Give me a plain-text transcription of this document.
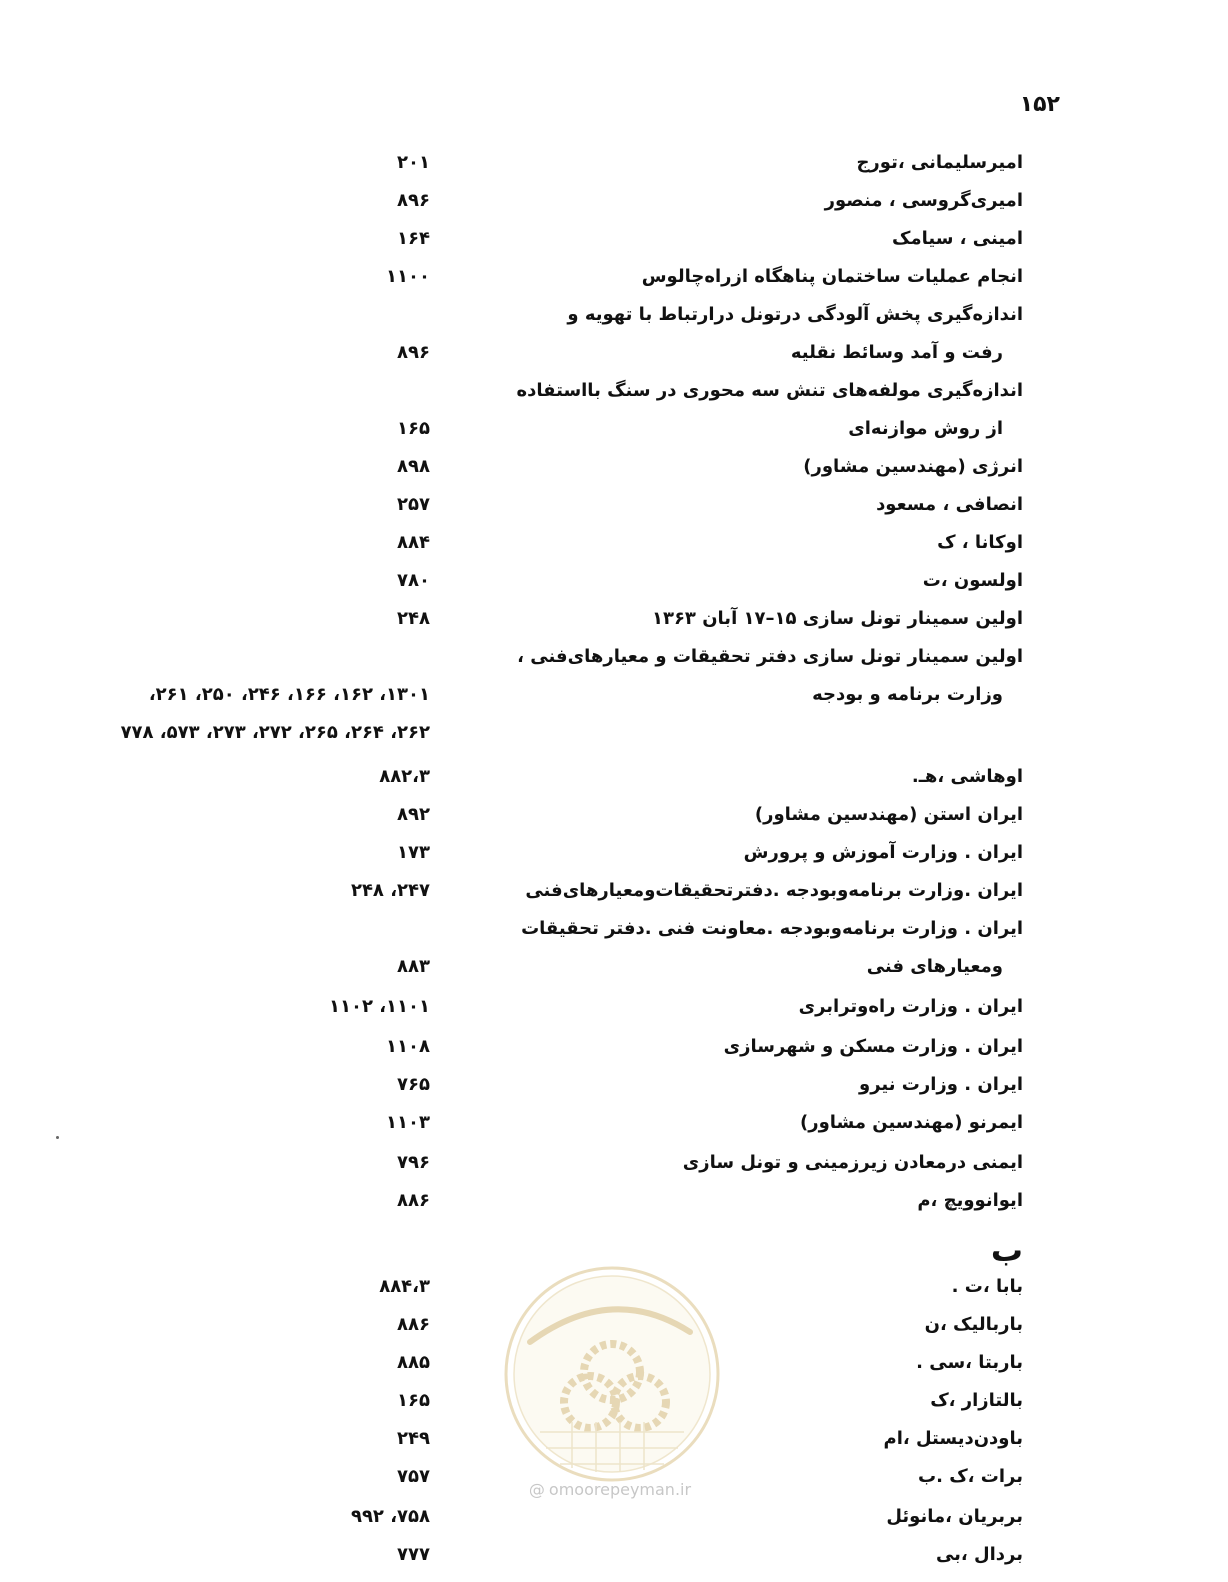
۱۵۲
امیرسلیمانی ،تورج
۲۰۱
امیری‌گروسی ، منصور
۸۹۶
امینی ، سیامک
۱۶۴
انجام عملیات ساختمان پناهگاه ازراه‌چالوس
۱۱۰۰
اندازه‌گیری پخش آلودگی درتونل درارتباط با تهویه و
رفت و آمد وسائط نقلیه
۸۹۶
اندازه‌گیری مولفه‌های تنش سه محوری در سنگ بااستفاده
از روش موازنه‌ای
۱۶۵
انرژی (مهندسین مشاور)
۸۹۸
انصافی ، مسعود
۲۵۷
اوکانا ، ک
۸۸۴
اولسون ،ت
۷۸۰
اولین سمینار تونل سازی ۱۵–۱۷ آبان ۱۳۶۳
۲۴۸
اولین سمینار تونل سازی دفتر تحقیقات و معیارهای‌فنی ،
وزارت برنامه و بودجه
۱۳۰۱، ۱۶۲، ۱۶۶، ۲۴۶، ۲۵۰، ۲۶۱،
۲۶۲، ۲۶۴، ۲۶۵، ۲۷۲، ۲۷۳، ۵۷۳، ۷۷۸
اوهاشی ،هـ.
۸۸۲،۳
ایران استن (مهندسین مشاور)
۸۹۲
ایران . وزارت آموزش و پرورش
۱۷۳
ایران .وزارت برنامه‌وبودجه .دفترتحقیقات‌ومعیارهای‌فنی
۲۴۷، ۲۴۸
ایران . وزارت برنامه‌وبودجه .معاونت فنی .دفتر تحقیقات
ومعیارهای فنی
۸۸۳
ایران . وزارت راه‌وترابری
۱۱۰۱، ۱۱۰۲
ایران . وزارت مسکن و شهرسازی
۱۱۰۸
ایران . وزارت نیرو
۷۶۵
ایمرنو (مهندسین مشاور)
۱۱۰۳
ایمنی درمعادن زیرزمینی و تونل سازی
۷۹۶
ایوانوویچ ،م
۸۸۶
ب
بابا ،ت .
۸۸۴،۳
باربالیک ،ن
۸۸۶
باربتا ،سی .
۸۸۵
بالتازار ،ک
۱۶۵
باودن‌دیستل ،ام
۲۴۹
برات ،ک .ب
۷۵۷
بربریان ،مانوئل
۷۵۸، ۹۹۲
بردال ،بی
۷۷۷
@ omoorepeyman.ir
